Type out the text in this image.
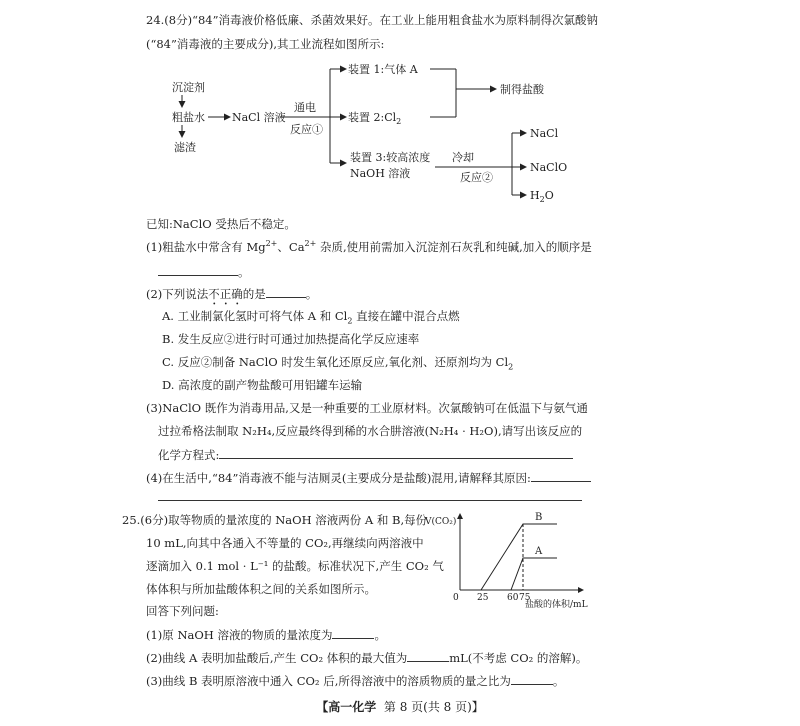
24.(8分)“84”消毒液价格低廉、杀菌效果好。在工业上能用粗食盐水为原料制得次氯酸钠
(“84”消毒液的主要成分),其工业流程如图所示:
沉淀剂
粗盐水
滤渣
NaCl 溶液
通电
反应①
装置 1:气体 A
装置 $2:Cl_2$
装置 3:较高浓度
NaOH 溶液
制得盐酸
冷却
反应②
NaCl
NaClO
$H_2O$
已知:NaClO 受热后不稳定。
(1)粗盐水中常含有 $Mg^{2+}$、$Ca^{2+}$ 杂质,使用前需加入沉淀剂石灰乳和纯碱,加入的顺序是
。
(2)下列说法不正确的是	。
A. 工业制氯化氢时可将气体 A 和 $Cl_2$ 直接在罐中混合点燃
B. 发生反应②进行时可通过加热提高化学反应速率
C. 反应②制备 NaClO 时发生氧化还原反应,氧化剂、还原剂均为 $Cl_2$
D. 高浓度的副产物盐酸可用铝罐车运输
(3)NaClO 既作为消毒用品,又是一种重要的工业原材料。次氯酸钠可在低温下与氨气通
过拉希格法制取 N₂H₄,反应最终得到稀的水合肼溶液(N₂H₄ · H₂O),请写出该反应的
化学方程式:
(4)在生活中,“84”消毒液不能与洁厕灵(主要成分是盐酸)混用,请解释其原因:
25.(6分)取等物质的量浓度的 NaOH 溶液两份 A 和 B,每份
10 mL,向其中各通入不等量的 CO₂,再继续向两溶液中
逐滴加入 0.1 mol · L⁻¹ 的盐酸。标准状况下,产生 CO₂ 气
体体积与所加盐酸体积之间的关系如图所示。
回答下列问题:
V(CO₂)
0 25 60 75
盐酸的体积/mL
A
B
(1)原 NaOH 溶液的物质的量浓度为	。
(2)曲线 A 表明加盐酸后,产生 CO₂ 体积的最大值为	mL(不考虑 CO₂ 的溶解)。
(3)曲线 B 表明原溶液中通入 CO₂ 后,所得溶液中的溶质物质的量之比为	。
【高一化学 第 8 页(共 8 页)】
